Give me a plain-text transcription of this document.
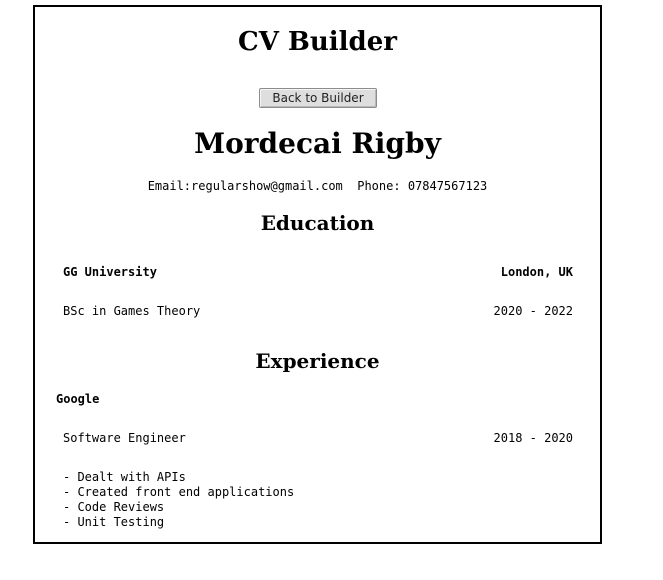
CV Builder
Back to Builder
Mordecai Rigby
Email:regularshow@gmail.com Phone: 07847567123
Education
GG University	London, UK
BSc in Games Theory	2020 - 2022
Experience
Google
Software Engineer	2018 - 2020
- Dealt with APIs
- Created front end applications
- Code Reviews
- Unit Testing
